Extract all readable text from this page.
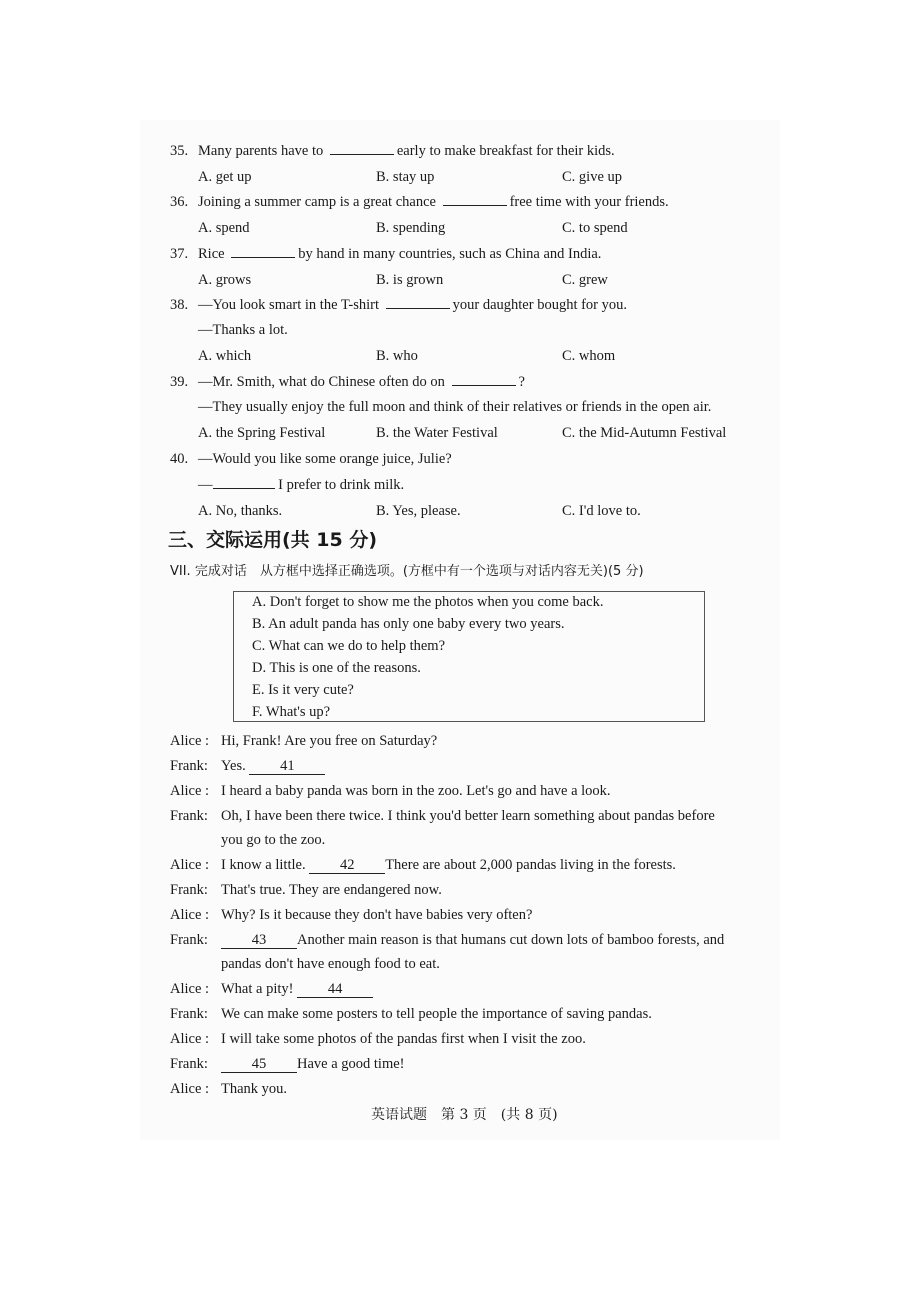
35. Many parents have to	early to make breakfast for their kids.
A. get up	B. stay up	C. give up
36. Joining a summer camp is a great chance	free time with your friends.
A. spend	B. spending	C. to spend
37. Rice	by hand in many countries, such as China and India.
A. grows	B. is grown	C. grew
38. —You look smart in the T-shirt	your daughter bought for you.
—Thanks a lot.
A. which	B. who	C. whom
39. —Mr. Smith, what do Chinese often do on	?
—They usually enjoy the full moon and think of their relatives or friends in the open air.
A. the Spring Festival	B. the Water Festival	C. the Mid-Autumn Festival
40. —Would you like some orange juice, Julie?
—	I prefer to drink milk.
A. No, thanks.	B. Yes, please.	C. I'd love to.
三、交际运用(共 15 分)
VII. 完成对话　从方框中选择正确选项。(方框中有一个选项与对话内容无关)(5 分)
A. Don't forget to show me the photos when you come back.
B. An adult panda has only one baby every two years.
C. What can we do to help them?
D. This is one of the reasons.
E. Is it very cute?
F. What's up?
Alice : Hi, Frank! Are you free on Saturday?
Frank: Yes. 41
Alice : I heard a baby panda was born in the zoo. Let's go and have a look.
Frank: Oh, I have been there twice. I think you'd better learn something about pandas before
you go to the zoo.
Alice : I know a little. 42 There are about 2,000 pandas living in the forests.
Frank: That's true. They are endangered now.
Alice : Why? Is it because they don't have babies very often?
Frank:	43 Another main reason is that humans cut down lots of bamboo forests, and
pandas don't have enough food to eat.
Alice : What a pity! 44
Frank: We can make some posters to tell people the importance of saving pandas.
Alice : I will take some photos of the pandas first when I visit the zoo.
Frank:	45 Have a good time!
Alice : Thank you.
英语试题　第 3 页　(共 8 页)
